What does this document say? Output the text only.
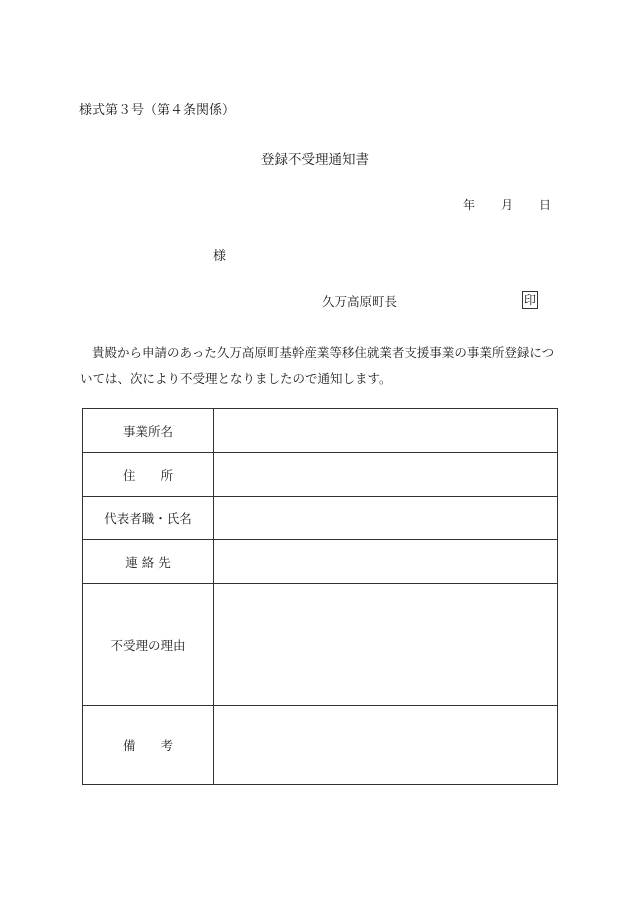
様式第３号（第４条関係）
登録不受理通知書
年 月 日
様
久万高原町長	印
貴殿から申請のあった久万高原町基幹産業等移住就業者支援事業の事業所登録については、次により不受理となりましたので通知します。
事業所名	
住　　所	
代表者職・氏名	
連 絡 先	
不受理の理由	
備　　考	
